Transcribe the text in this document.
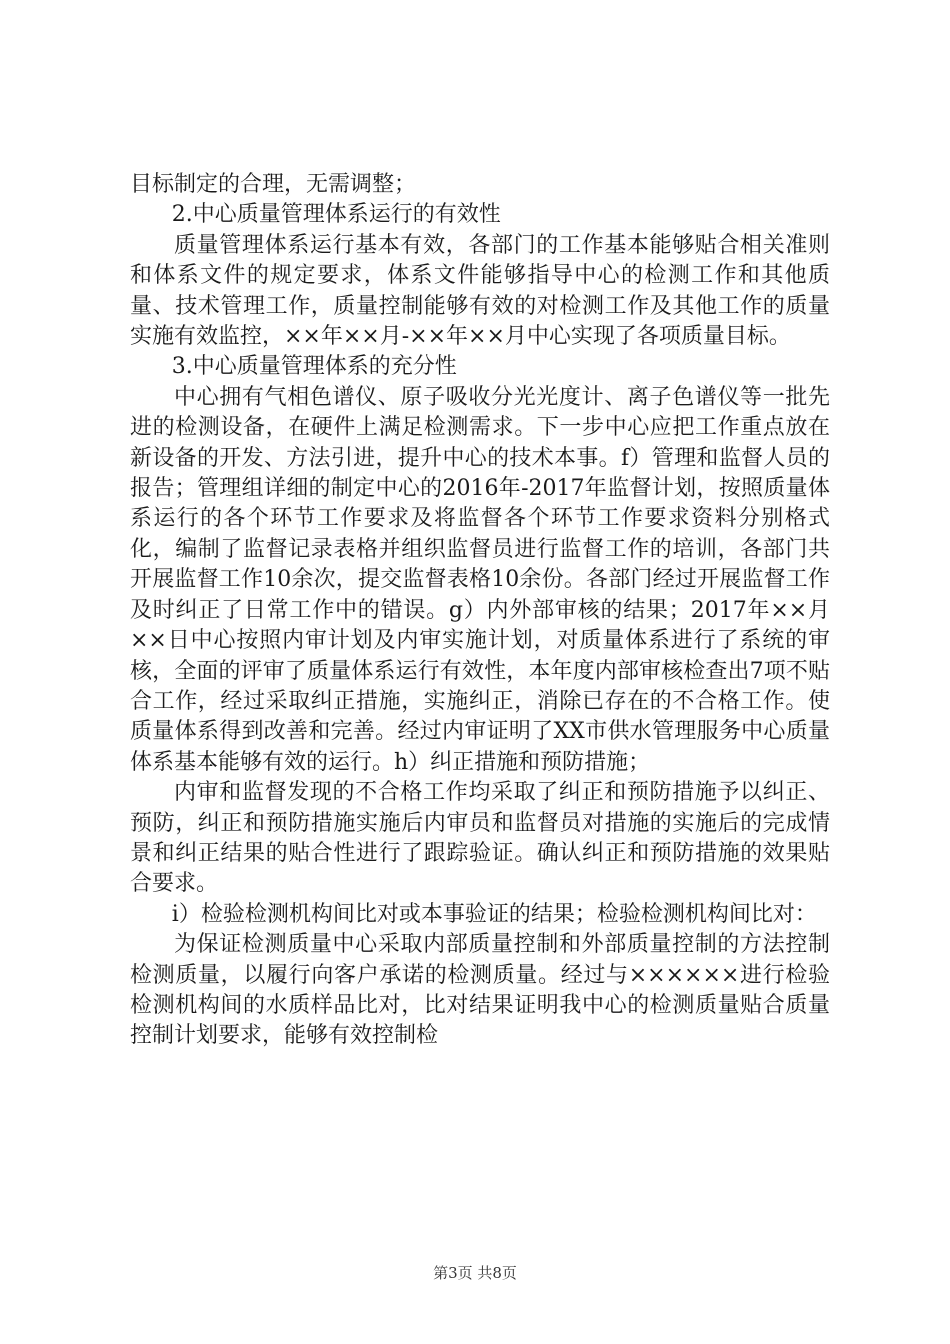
目标制定的合理，无需调整；

2.中心质量管理体系运行的有效性

质量管理体系运行基本有效，各部门的工作基本能够贴合相关准则和体系文件的规定要求，体系文件能够指导中心的检测工作和其他质量、技术管理工作，质量控制能够有效的对检测工作及其他工作的质量实施有效监控，××年××月-××年××月中心实现了各项质量目标。

3.中心质量管理体系的充分性

中心拥有气相色谱仪、原子吸收分光光度计、离子色谱仪等一批先进的检测设备，在硬件上满足检测需求。下一步中心应把工作重点放在新设备的开发、方法引进，提升中心的技术本事。f）管理和监督人员的报告；管理组详细的制定中心的2016年-2017年监督计划，按照质量体系运行的各个环节工作要求及将监督各个环节工作要求资料分别格式化，编制了监督记录表格并组织监督员进行监督工作的培训，各部门共开展监督工作10余次，提交监督表格10余份。各部门经过开展监督工作及时纠正了日常工作中的错误。g）内外部审核的结果；2017年××月××日中心按照内审计划及内审实施计划，对质量体系进行了系统的审核，全面的评审了质量体系运行有效性，本年度内部审核检查出7项不贴合工作，经过采取纠正措施，实施纠正，消除已存在的不合格工作。使质量体系得到改善和完善。经过内审证明了XX市供水管理服务中心质量体系基本能够有效的运行。h）纠正措施和预防措施；

内审和监督发现的不合格工作均采取了纠正和预防措施予以纠正、预防，纠正和预防措施实施后内审员和监督员对措施的实施后的完成情景和纠正结果的贴合性进行了跟踪验证。确认纠正和预防措施的效果贴合要求。

i）检验检测机构间比对或本事验证的结果；检验检测机构间比对：

为保证检测质量中心采取内部质量控制和外部质量控制的方法控制检测质量，以履行向客户承诺的检测质量。经过与××××××进行检验检测机构间的水质样品比对，比对结果证明我中心的检测质量贴合质量控制计划要求，能够有效控制检

第3页 共8页
